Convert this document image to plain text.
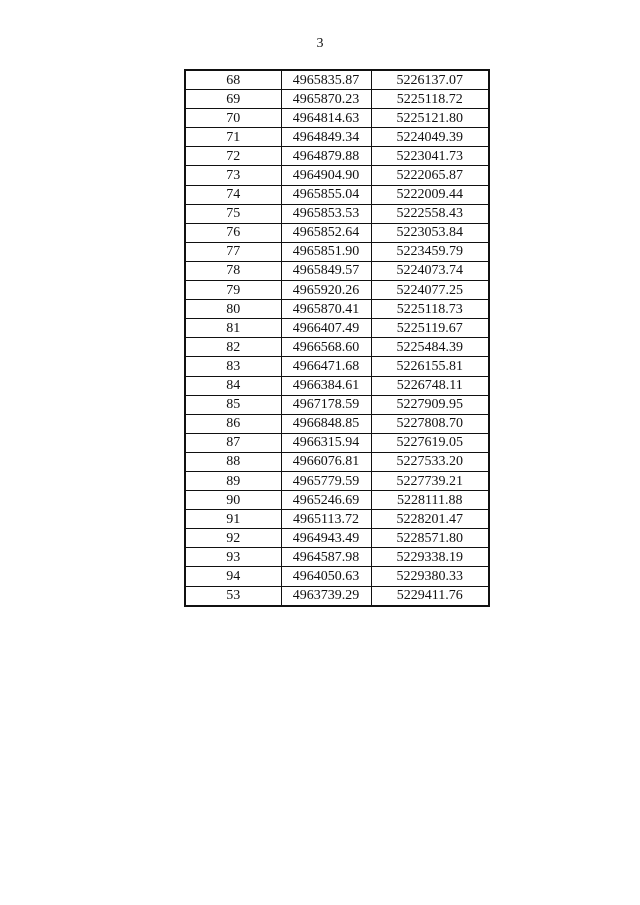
3
68	4965835.87	5226137.07
69	4965870.23	5225118.72
70	4964814.63	5225121.80
71	4964849.34	5224049.39
72	4964879.88	5223041.73
73	4964904.90	5222065.87
74	4965855.04	5222009.44
75	4965853.53	5222558.43
76	4965852.64	5223053.84
77	4965851.90	5223459.79
78	4965849.57	5224073.74
79	4965920.26	5224077.25
80	4965870.41	5225118.73
81	4966407.49	5225119.67
82	4966568.60	5225484.39
83	4966471.68	5226155.81
84	4966384.61	5226748.11
85	4967178.59	5227909.95
86	4966848.85	5227808.70
87	4966315.94	5227619.05
88	4966076.81	5227533.20
89	4965779.59	5227739.21
90	4965246.69	5228111.88
91	4965113.72	5228201.47
92	4964943.49	5228571.80
93	4964587.98	5229338.19
94	4964050.63	5229380.33
53	4963739.29	5229411.76
